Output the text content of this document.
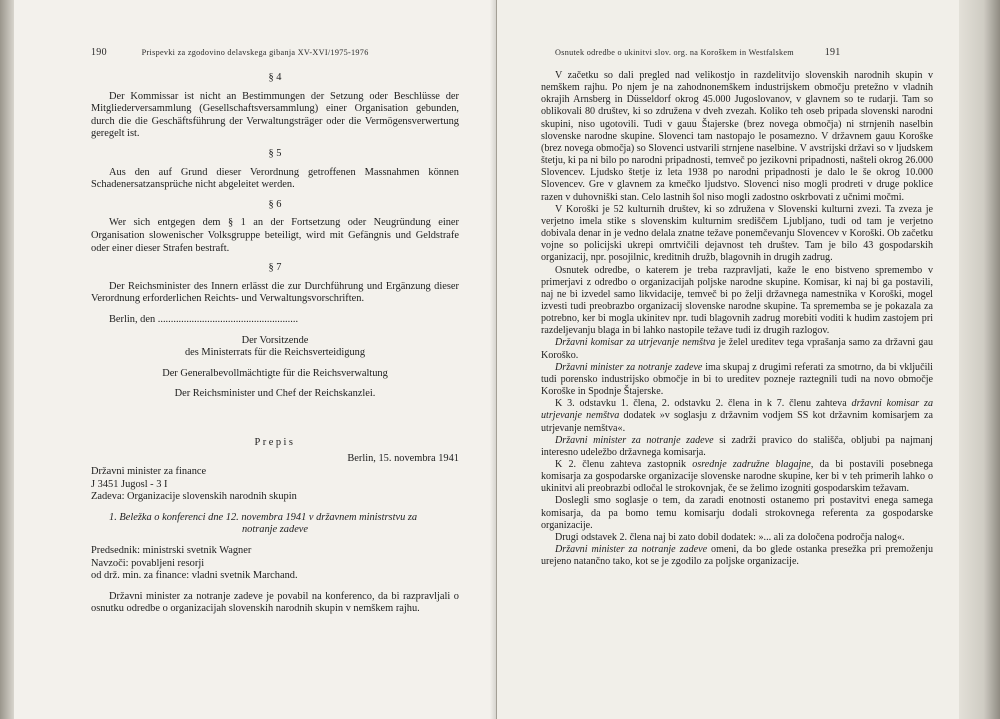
190	Prispevki za zgodovino delavskega gibanja XV-XVI/1975-1976

§ 4

Der Kommissar ist nicht an Bestimmungen der Setzung oder Beschlüsse der Mitgliederversammlung (Gesellschaftsversammlung) einer Organisation gebunden, durch die die Geschäftsführung der Verwaltungsträger oder die Vermögensverwertung geregelt ist.

§ 5

Aus den auf Grund dieser Verordnung getroffenen Massnahmen können Schadenersatzansprüche nicht abgeleitet werden.

§ 6

Wer sich entgegen dem § 1 an der Fortsetzung oder Neugründung einer Organisation slowenischer Volksgruppe beteiligt, wird mit Gefängnis und Geldstrafe oder einer dieser Strafen bestraft.

§ 7

Der Reichsminister des Innern erlässt die zur Durchführung und Ergänzung dieser Verordnung erforderlichen Reichts- und Verwaltungsvorschriften.

Berlin, den ......................................................

Der Vorsitzende

des Ministerrats für die Reichsverteidigung

Der Generalbevollmächtigte für die Reichsverwaltung

Der Reichsminister und Chef der Reichskanzlei.

Prepis

Berlin, 15. novembra 1941

Državni minister za finance

J 3451 Jugosl - 3 I

Zadeva: Organizacije slovenskih narodnih skupin

1. Beležka o konferenci dne 12. novembra 1941 v državnem ministrstvu za

notranje zadeve

Predsednik: ministrski svetnik Wagner

Navzoči: povabljeni resorji

od drž. min. za finance: vladni svetnik Marchand.

Državni minister za notranje zadeve je povabil na konferenco, da bi razpravljali o osnutku odredbe o organizacijah slovenskih narodnih skupin v nemškem rajhu.

Osnutek odredbe o ukinitvi slov. org. na Koroškem in Westfalskem	191

V začetku so dali pregled nad velikostjo in razdelitvijo slovenskih narodnih skupin v nemškem rajhu. Po njem je na zahodnonemškem industrijskem območju pretežno v vladnih okrajih Arnsberg in Düsseldorf okrog 45.000 Jugoslovanov, v glavnem so te rudarji. Tam so oblikovali 80 društev, ki so združena v dveh zvezah. Koliko teh oseb pripada slovenski narodni skupini, niso ugotovili. Tudi v gauu Štajerske (brez novega območja) ni strnjenih naselbin slovenske narodne skupine. Slovenci tam nastopajo le posamezno. V državnem gauu Koroške (brez novega območja) so Slovenci ustvarili strnjene naselbine. V avstrijski državi so v ljudskem štetju, ki pa ni bilo po narodni pripadnosti, temveč po jezikovni pripadnosti, našteli okrog 26.000 Slovencev. Ljudsko štetje iz leta 1938 po narodni pripadnosti je dalo le še okrog 10.000 Slovencev. Gre v glavnem za kmečko ljudstvo. Slovenci niso mogli prodreti v druge poklice razen v duhovniški stan. Celo lastnih šol niso mogli zadostno oskrbovati z učnimi močmi.

V Koroški je 52 kulturnih društev, ki so združena v Slovenski kulturni zvezi. Ta zveza je verjetno imela stike s slovenskim kulturnim središčem Ljubljano, tudi od tam je verjetno dobivala denar in je vedno delala znatne težave ponemčevanju Slovencev v Koroški. Ob začetku vojne so policijski ukrepi omrtvičili dejavnost teh društev. Tam je bilo 43 gospodarskih organizacij, npr. posojilnic, kreditnih družb, blagovnih in drugih zadrug.

Osnutek odredbe, o katerem je treba razpravljati, kaže le eno bistveno spremembo v primerjavi z odredbo o organizacijah poljske narodne skupine. Komisar, ki naj bi ga postavili, naj ne bi izvedel samo likvidacije, temveč bi po želji državnega namestnika v Koroški, mogel izvesti tudi preobrazbo organizacij slovenske narodne skupine. Ta sprememba se je pokazala za potrebno, ker bi mogla ukinitev npr. tudi blagovnih zadrug morebiti voditi k hudim zastojem pri razdeljevanju blaga in bi lahko nastopile težave tudi iz drugih razlogov.

Državni komisar za utrjevanje nemštva je želel ureditev tega vprašanja samo za državni gau Koroško.

Državni minister za notranje zadeve ima skupaj z drugimi referati za smotrno, da bi vključili tudi porensko industrijsko območje in bi to ureditev pozneje raztegnili tudi na novo območje Koroške in Spodnje Štajerske.

K 3. odstavku 1. člena, 2. odstavku 2. člena in k 7. členu zahteva državni komisar za utrjevanje nemštva dodatek »v soglasju z državnim vodjem SS kot državnim komisarjem za utrjevanje nemštva«.

Državni minister za notranje zadeve si zadrži pravico do stališča, obljubi pa najmanj interesno udeležbo državnega komisarja.

K 2. členu zahteva zastopnik osrednje zadružne blagajne, da bi postavili posebnega komisarja za gospodarske organizacije slovenske narodne skupine, ker bi v teh primerih lahko o ukinitvi ali preobrazbi odločal le strokovnjak, če se želimo izogniti gospodarskim težavam.

Doslegli smo soglasje o tem, da zaradi enotnosti ostanemo pri postavitvi enega samega komisarja, da pa bomo temu komisarju dodali strokovnega referenta za gospodarske organizacije.

Drugi odstavek 2. člena naj bi zato dobil dodatek: »... ali za določena področja nalog«.

Državni minister za notranje zadeve omeni, da bo glede ostanka presežka pri premoženju urejeno natančno tako, kot se je zgodilo za poljske organizacije.
